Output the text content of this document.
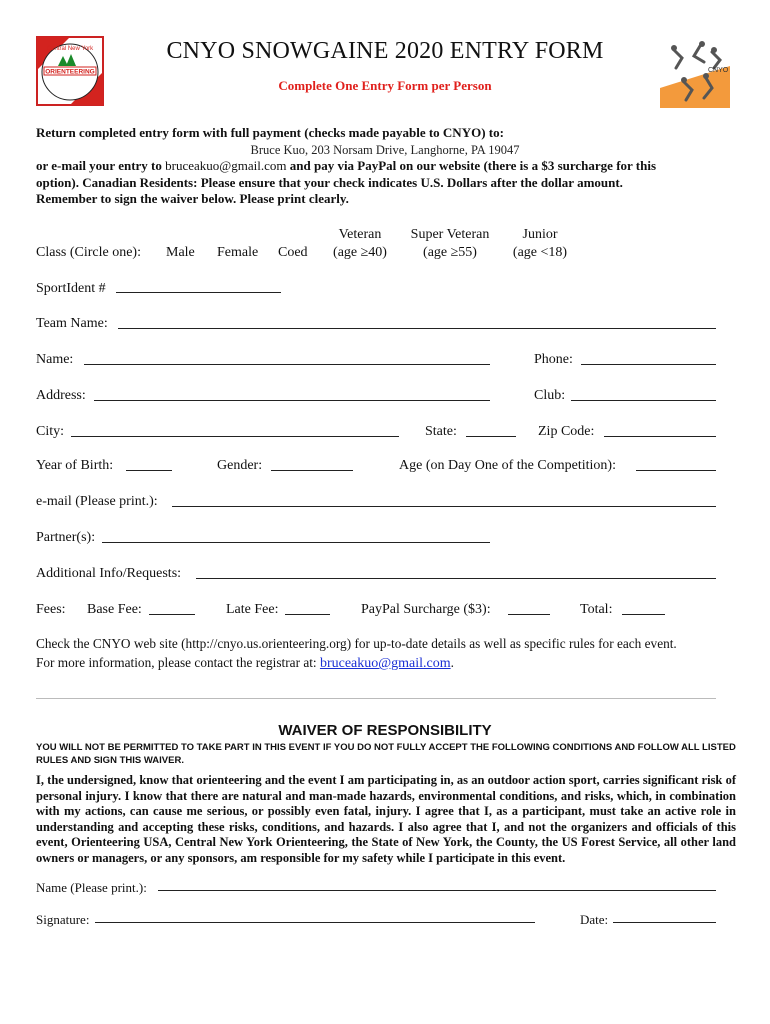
ORIENTEERING
Central New York
CNYO
CNYO SNOWGAINE 2020 ENTRY FORM
Complete One Entry Form per Person
Return completed entry form with full payment (checks made payable to CNYO) to:
Bruce Kuo, 203 Norsam Drive, Langhorne, PA 19047
or e-mail your entry to bruceakuo@gmail.com and pay via PayPal on our website (there is a $3 surcharge for this
option). Canadian Residents: Please ensure that your check indicates U.S. Dollars after the dollar amount.
Remember to sign the waiver below. Please print clearly.
Class (Circle one): Male Female Coed
Veteran
(age ≥40)
Super Veteran
(age ≥55)
Junior
(age <18)
SportIdent #
Team Name:
Name:	Phone:
Address:	Club:
City:	State:	Zip Code:
Year of Birth:	Gender:	Age (on Day One of the Competition):
e-mail (Please print.):
Partner(s):
Additional Info/Requests:
Fees: Base Fee:	Late Fee:	PayPal Surcharge ($3):	Total:
Check the CNYO web site (http://cnyo.us.orienteering.org) for up-to-date details as well as specific rules for each event.
For more information, please contact the registrar at: bruceakuo@gmail.com.
WAIVER OF RESPONSIBILITY
YOU WILL NOT BE PERMITTED TO TAKE PART IN THIS EVENT IF YOU DO NOT FULLY ACCEPT THE FOLLOWING CONDITIONS AND FOLLOW ALL LISTED RULES AND SIGN THIS WAIVER.
I, the undersigned, know that orienteering and the event I am participating in, as an outdoor action sport, carries significant risk of personal injury. I know that there are natural and man-made hazards, environmental conditions, and risks, which, in combination with my actions, can cause me serious, or possibly even fatal, injury. I agree that I, as a participant, must take an active role in understanding and accepting these risks, conditions, and hazards. I also agree that I, and not the organizers and officials of this event, Orienteering USA, Central New York Orienteering, the State of New York, the County, the US Forest Service, all other land owners or managers, or any sponsors, am responsible for my safety while I participate in this event.
Name (Please print.):
Signature:	Date:
